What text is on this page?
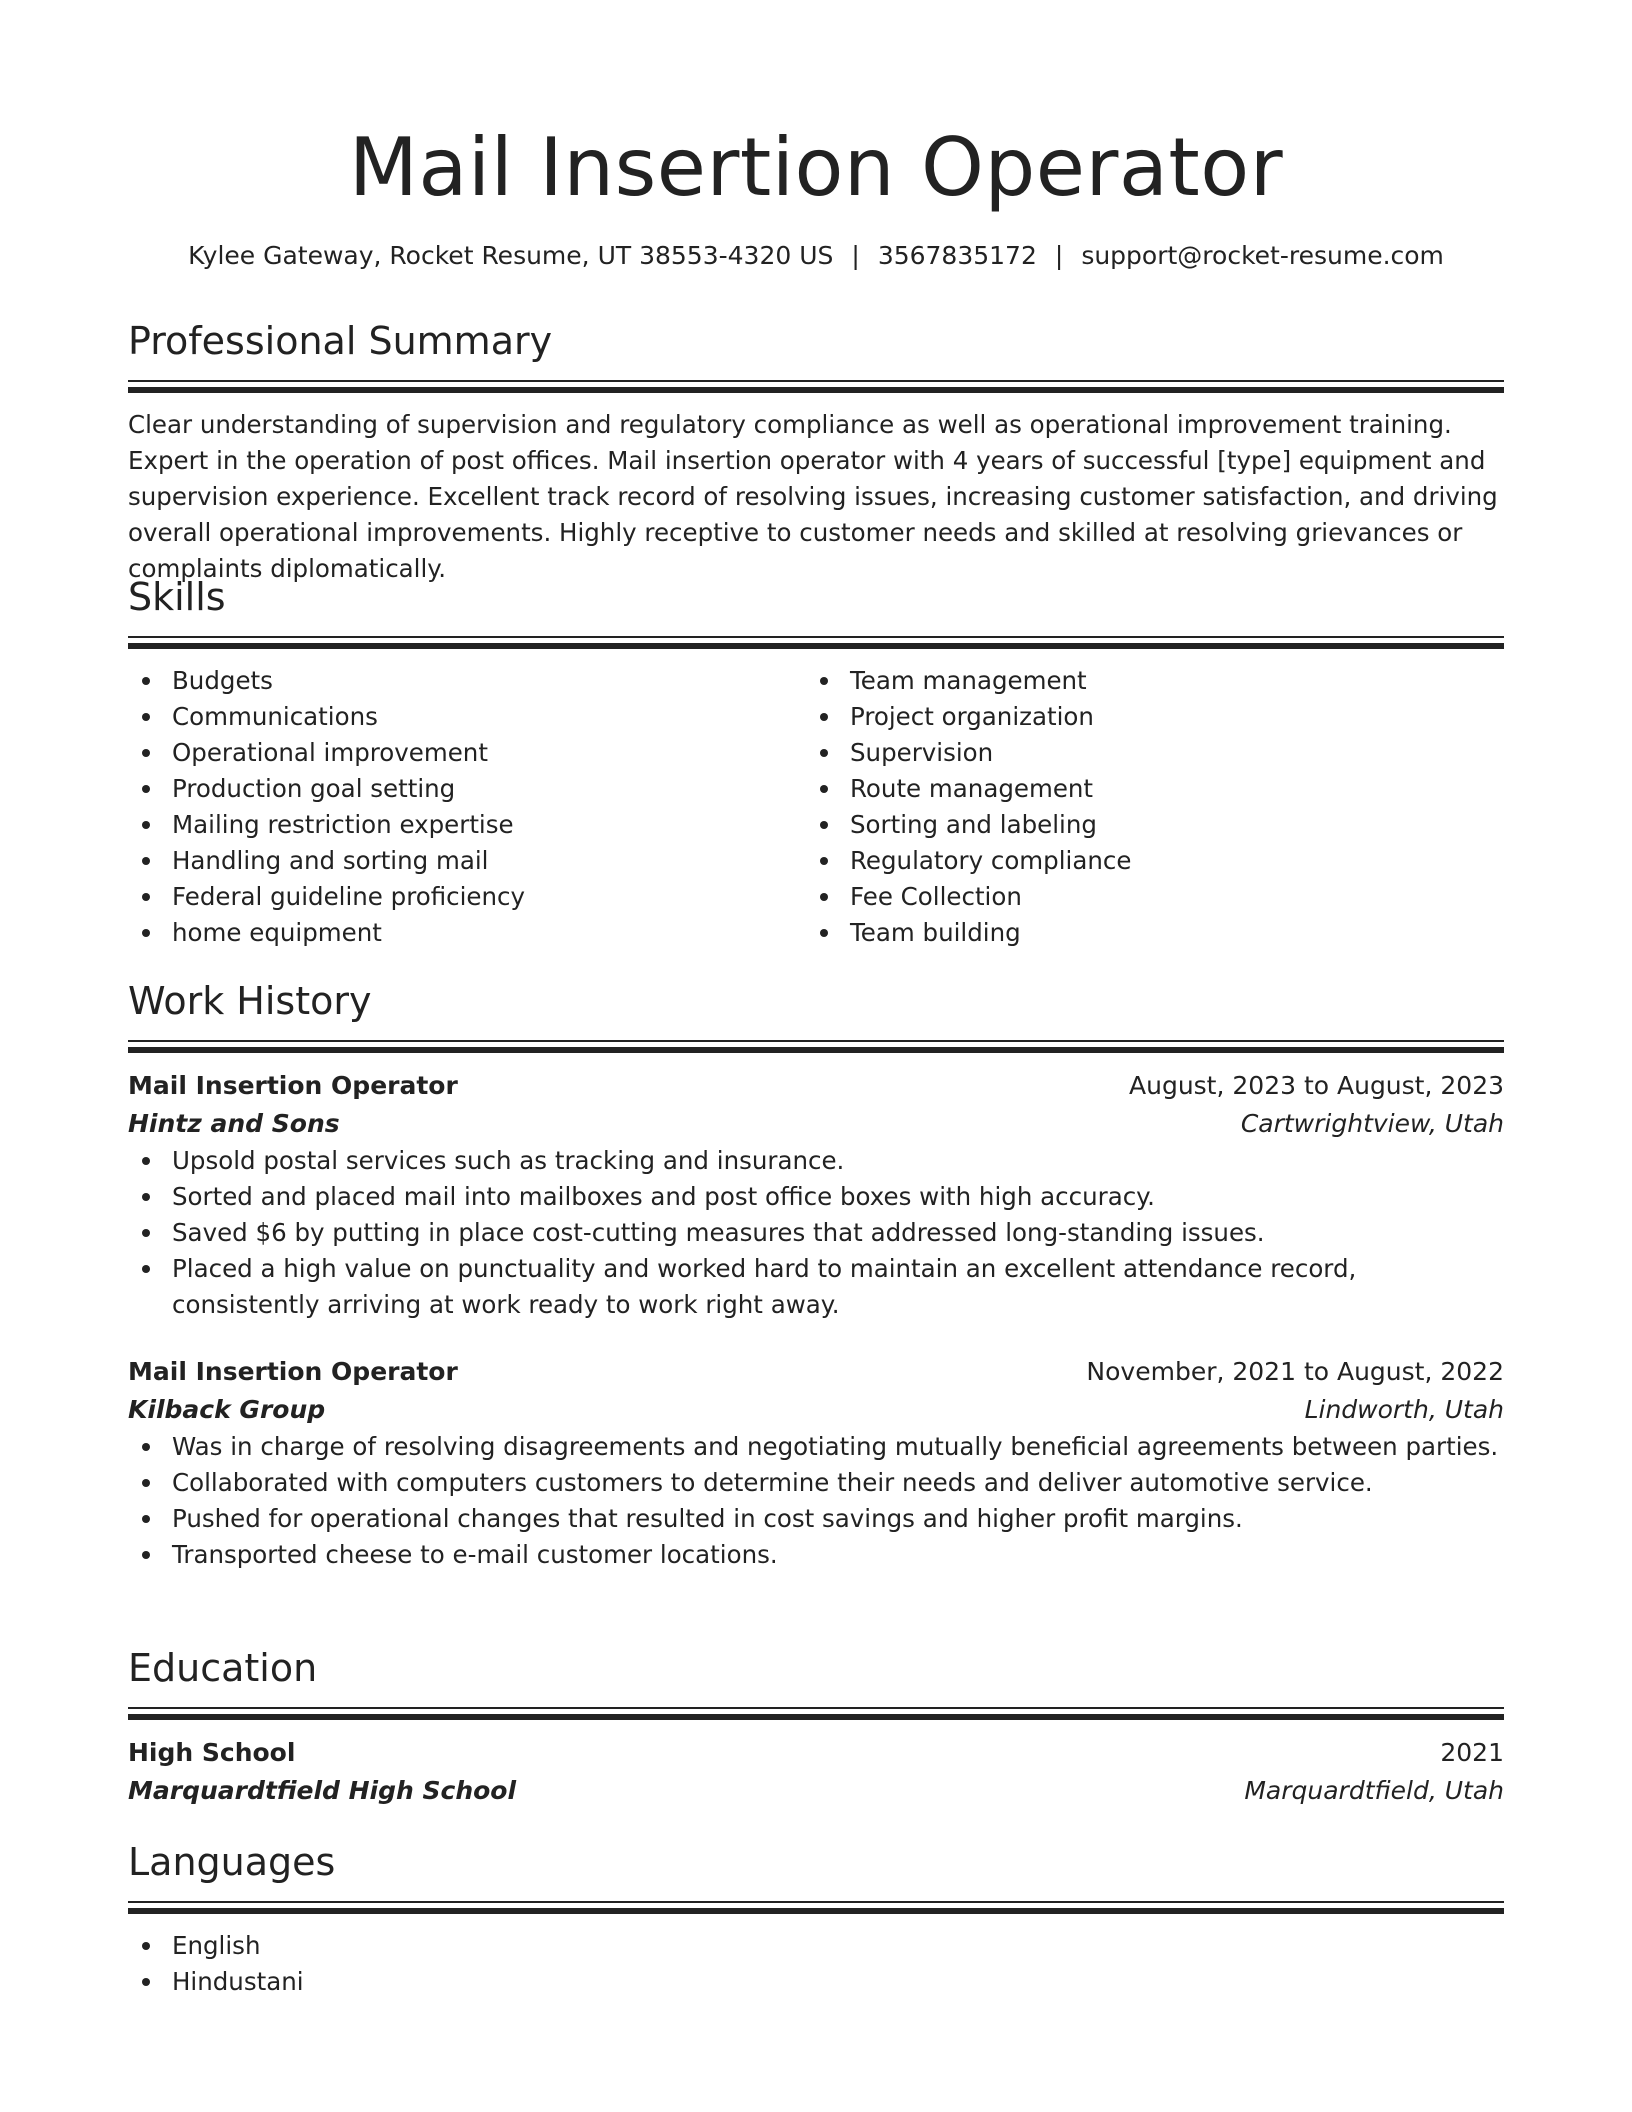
Mail Insertion Operator
Kylee Gateway, Rocket Resume, UT 38553-4320 US | 3567835172 | support@rocket-resume.com
Professional Summary

Clear understanding of supervision and regulatory compliance as well as operational improvement training. Expert in the operation of post offices. Mail insertion operator with 4 years of successful [type] equipment and supervision experience. Excellent track record of resolving issues, increasing customer satisfaction, and driving overall operational improvements. Highly receptive to customer needs and skilled at resolving grievances or complaints diplomatically.

Skills
Budgets
Communications
Operational improvement
Production goal setting
Mailing restriction expertise
Handling and sorting mail
Federal guideline proficiency
home equipment
Team management
Project organization
Supervision
Route management
Sorting and labeling
Regulatory compliance
Fee Collection
Team building
Work History
Mail Insertion Operator	August, 2023 to August, 2023
Hintz and Sons	Cartwrightview, Utah
Upsold postal services such as tracking and insurance.
Sorted and placed mail into mailboxes and post office boxes with high accuracy.
Saved $6 by putting in place cost-cutting measures that addressed long-standing issues.
Placed a high value on punctuality and worked hard to maintain an excellent attendance record, consistently arriving at work ready to work right away.
Mail Insertion Operator	November, 2021 to August, 2022
Kilback Group	Lindworth, Utah
Was in charge of resolving disagreements and negotiating mutually beneficial agreements between parties.
Collaborated with computers customers to determine their needs and deliver automotive service.
Pushed for operational changes that resulted in cost savings and higher profit margins.
Transported cheese to e-mail customer locations.
Education
High School	2021
Marquardtfield High School	Marquardtfield, Utah
Languages
English
Hindustani
